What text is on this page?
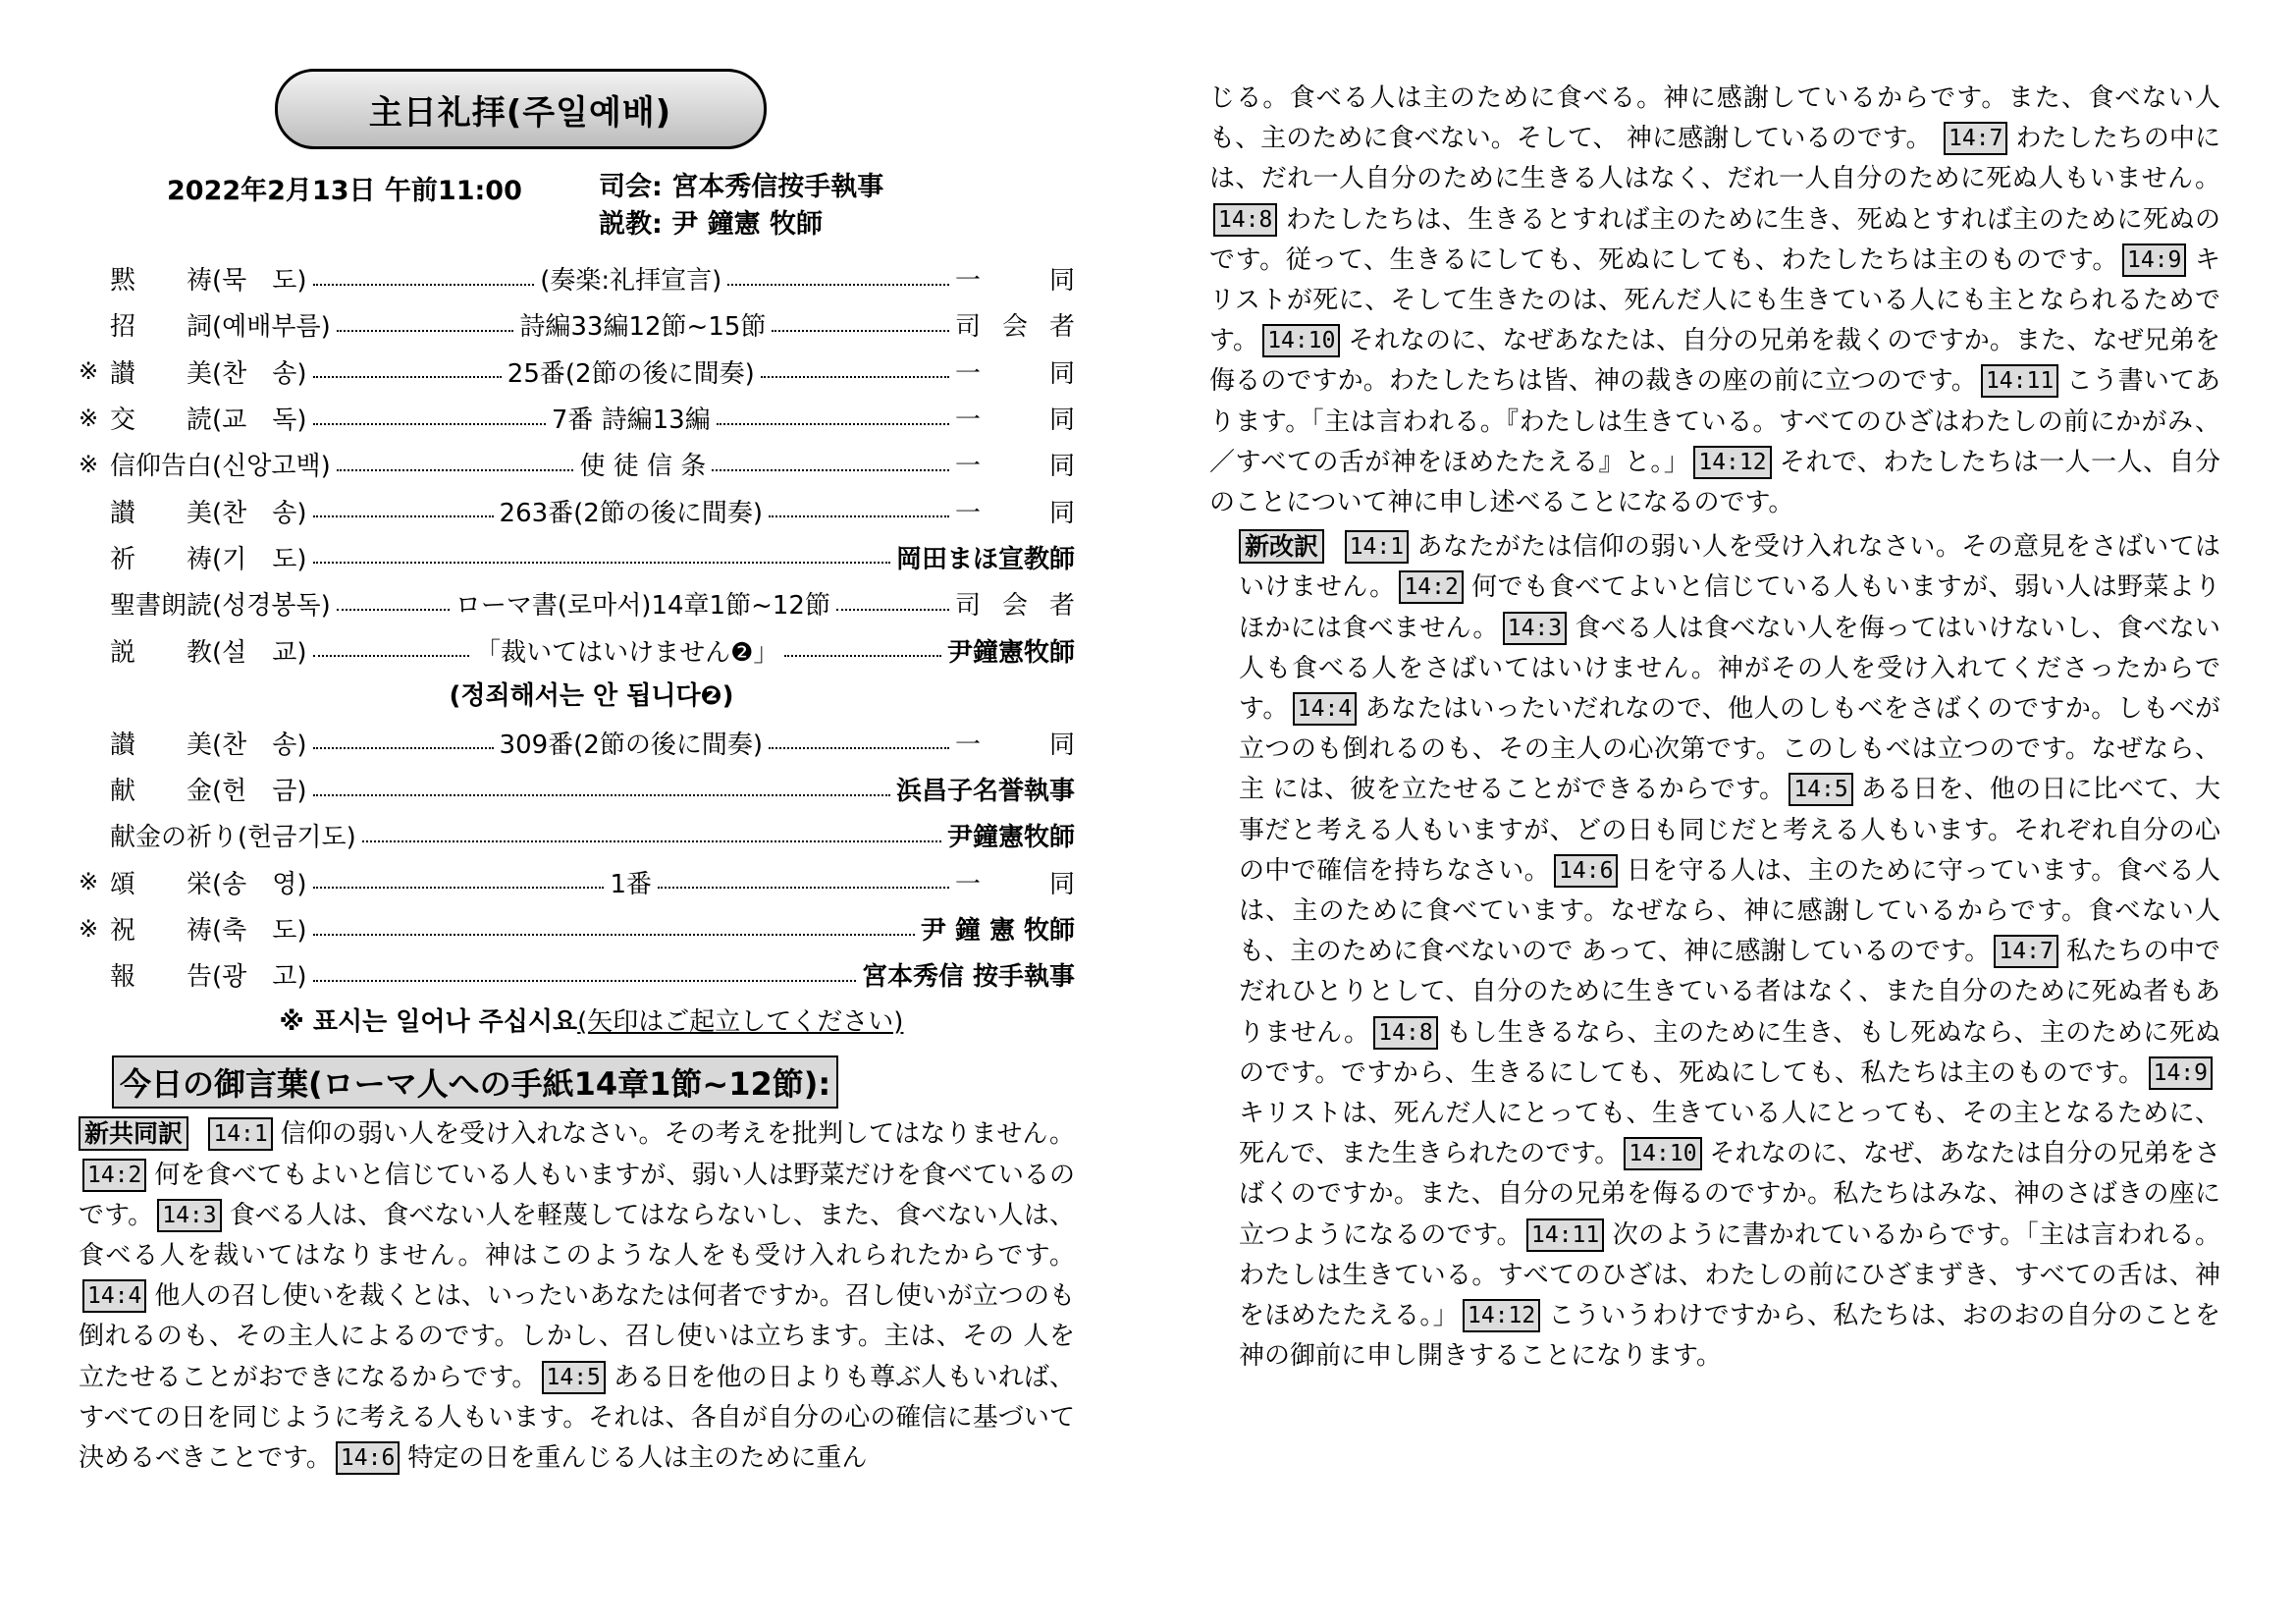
主日礼拝(주일예배)
2022年2月13日 午前11:00	司会: 宮本秀信按手執事
説教: 尹 鐘憲 牧師
黙　　祷(묵　도)	(奏楽:礼拝宣言)	一　同
招　　詞(예배부름)	詩編33編12節~15節	司会者
※ 讃　　美(찬　송)	25番(2節の後に間奏)	一　同
※ 交　　読(교　독)	7番 詩編13編	一　同
※ 信仰告白(신앙고백)	使 徒 信 条	一　同
讃　　美(찬　송)	263番(2節の後に間奏)	一　同
祈　　祷(기　도)	岡田まほ宣教師
聖書朗読(성경봉독)	ローマ書(로마서)14章1節~12節	司会者
説　　教(설　교)	「裁いてはいけません❷」	尹鐘憲牧師
(정죄해서는 안 됩니다❷)
讃　　美(찬　송)	309番(2節の後に間奏)	一　同
献　　金(헌　금)	浜昌子名誉執事
献金の祈り(헌금기도)	尹鐘憲牧師
※ 頌　　栄(송　영)	1番	一　同
※ 祝　　祷(축　도)	尹 鐘 憲 牧師
報　　告(광　고)	宮本秀信 按手執事
※ 표시는 일어나 주십시요(矢印はご起立してください)
今日の御言葉(ローマ人への手紙14章1節~12節):
新共同訳 14:1 信仰の弱い人を受け入れなさい。その考えを批判してはなりません。14:2 何を食べてもよいと信じている人もいますが、弱い人は野菜だけを食べているのです。 14:3 食べる人は、食べない人を軽蔑してはならないし、また、食べない人は、食べる人を裁いてはなりません。神はこのような人をも受け入れられたからです。14:4 他人の召し使いを裁くとは、いったいあなたは何者ですか。召し使いが立つのも倒れるのも、その主人によるのです。しかし、召し使いは立ちます。主は、その 人を立たせることがおできになるからです。 14:5 ある日を他の日よりも尊ぶ人もいれば、すべての日を同じように考える人もいます。それは、各自が自分の心の確信に基づいて決めるべきことです。 14:6 特定の日を重んじる人は主のために重ん
じる。食べる人は主のために食べる。神に感謝しているからです。また、食べない人も、主のために食べない。そして、 神に感謝しているのです。 14:7 わたしたちの中には、だれ一人自分のために生きる人はなく、だれ一人自分のために死ぬ人もいません。14:8 わたしたちは、生きるとすれば主のために生き、死ぬとすれば主のために死ぬのです。従って、生きるにしても、死ぬにしても、わたしたちは主のものです。 14:9 キリストが死に、そして生きたのは、死んだ人にも生きている人にも主となられるためです。 14:10 それなのに、なぜあなたは、自分の兄弟を裁くのですか。また、なぜ兄弟を侮るのですか。わたしたちは皆、神の裁きの座の前に立つのです。 14:11 こう書いてあります。「主は言われる。『わたしは生きている。すべてのひざはわたしの前にかがみ、／すべての舌が神をほめたたえる』と。」 14:12 それで、わたしたちは一人一人、自分のことについて神に申し述べることになるのです。
新改訳 14:1 あなたがたは信仰の弱い人を受け入れなさい。その意見をさばいてはいけません。 14:2 何でも食べてよいと信じている人もいますが、弱い人は野菜よりほかには食べません。 14:3 食べる人は食べない人を侮ってはいけないし、食べない人も食べる人をさばいてはいけません。神がその人を受け入れてくださったからです。 14:4 あなたはいったいだれなので、他人のしもべをさばくのですか。しもべが立つのも倒れるのも、その主人の心次第です。このしもべは立つのです。なぜなら、主 には、彼を立たせることができるからです。 14:5 ある日を、他の日に比べて、大事だと考える人もいますが、どの日も同じだと考える人もいます。それぞれ自分の心の中で確信を持ちなさい。 14:6 日を守る人は、主のために守っています。食べる人は、主のために食べています。なぜなら、神に感謝しているからです。食べない人も、主のために食べないので あって、神に感謝しているのです。 14:7 私たちの中でだれひとりとして、自分のために生きている者はなく、また自分のために死ぬ者もありません。 14:8 もし生きるなら、主のために生き、もし死ぬなら、主のために死ぬのです。ですから、生きるにしても、死ぬにしても、私たちは主のものです。 14:9キリストは、死んだ人にとっても、生きている人にとっても、その主となるために、死んで、また生きられたのです。 14:10 それなのに、なぜ、あなたは自分の兄弟をさばくのですか。また、自分の兄弟を侮るのですか。私たちはみな、神のさばきの座に立つようになるのです。 14:11 次のように書かれているからです。「主は言われる。わたしは生きている。すべてのひざは、わたしの前にひざまずき、すべての舌は、神をほめたたえる。」 14:12 こういうわけですから、私たちは、おのおの自分のことを神の御前に申し開きすることになります。
